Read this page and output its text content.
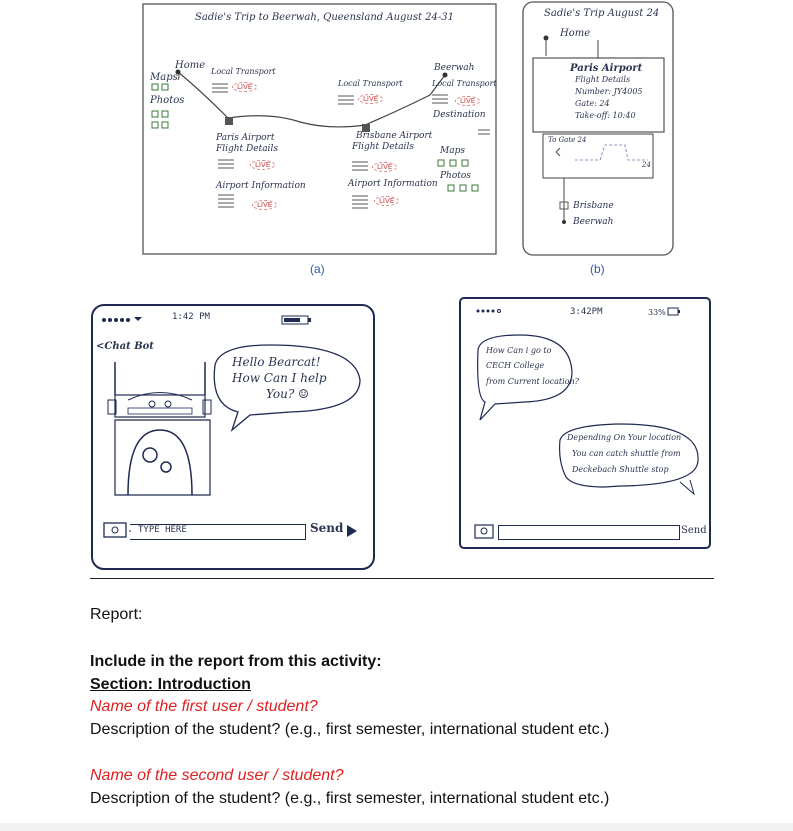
Sadie's Trip to Beerwah, Queensland August 24-31
Home
Maps
Photos
Local Transport
LIVE	Local Transport
LIVE
Beerwah
Local Transport
LIVE
Destination
Paris Airport
Flight Details
LIVE
Airport Information
LIVE
Brisbane Airport
Flight Details
LIVE
Airport Information
LIVE
Maps
Photos
(a)
Sadie's Trip August 24
Home
Paris Airport
Flight Details
Number: JY4005
Gate: 24
Take-off: 10:40
To Gate 24
24
Brisbane
Beerwah
(b)
1:42 PM
<Chat Bot
Hello Bearcat!
How Can I help
You? ☺
TYPE HERE	Send
3:42PM	33%
How Can i go to
CECH College
from Current location?
Depending On Your location
You can catch shuttle from
Deckebach Shuttle stop
Send
Report:
Include in the report from this activity:
Section: Introduction
Name of the first user / student?
Description of the student? (e.g., first semester, international student etc.)
Name of the second user / student?
Description of the student? (e.g., first semester, international student etc.)
